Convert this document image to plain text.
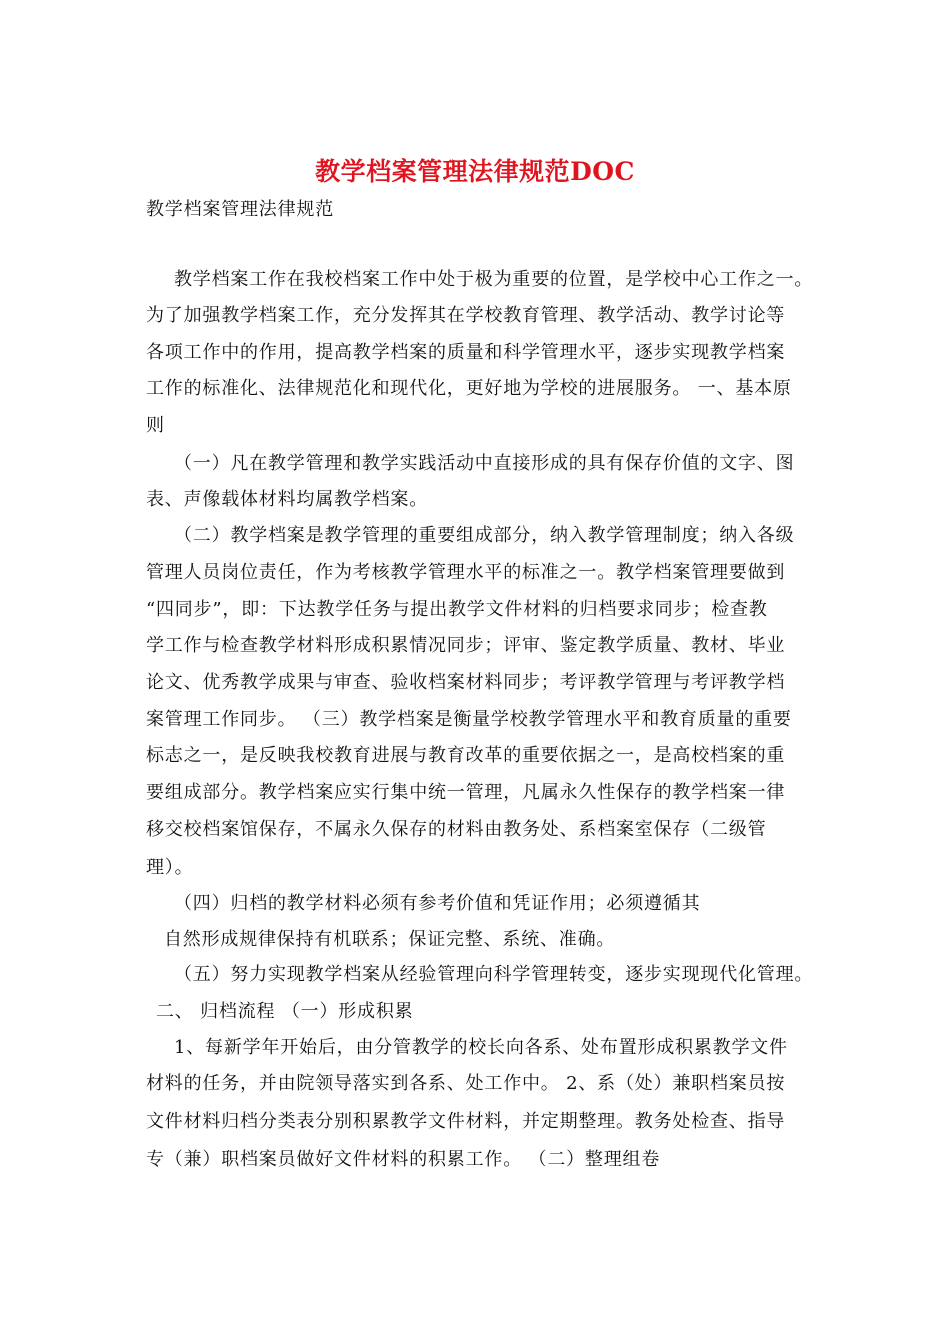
教学档案管理法律规范DOC
教学档案管理法律规范
教学档案工作在我校档案工作中处于极为重要的位置，是学校中心工作之一。
为了加强教学档案工作，充分发挥其在学校教育管理、教学活动、教学讨论等
各项工作中的作用，提高教学档案的质量和科学管理水平，逐步实现教学档案
工作的标准化、法律规范化和现代化，更好地为学校的进展服务。 一、基本原
则
（一）凡在教学管理和教学实践活动中直接形成的具有保存价值的文字、图
表、声像载体材料均属教学档案。
（二）教学档案是教学管理的重要组成部分，纳入教学管理制度；纳入各级
管理人员岗位责任，作为考核教学管理水平的标准之一。教学档案管理要做到
“四同步”，即：下达教学任务与提出教学文件材料的归档要求同步；检查教
学工作与检查教学材料形成积累情况同步；评审、鉴定教学质量、教材、毕业
论文、优秀教学成果与审查、验收档案材料同步；考评教学管理与考评教学档
案管理工作同步。 （三）教学档案是衡量学校教学管理水平和教育质量的重要
标志之一，是反映我校教育进展与教育改革的重要依据之一，是高校档案的重
要组成部分。教学档案应实行集中统一管理，凡属永久性保存的教学档案一律
移交校档案馆保存，不属永久保存的材料由教务处、系档案室保存（二级管
理）。
（四）归档的教学材料必须有参考价值和凭证作用；必须遵循其
自然形成规律保持有机联系；保证完整、系统、准确。
（五）努力实现教学档案从经验管理向科学管理转变，逐步实现现代化管理。
二、 归档流程 （一）形成积累
1、每新学年开始后，由分管教学的校长向各系、处布置形成积累教学文件
材料的任务，并由院领导落实到各系、处工作中。 2、系（处）兼职档案员按
文件材料归档分类表分别积累教学文件材料，并定期整理。教务处检查、指导
专（兼）职档案员做好文件材料的积累工作。 （二）整理组卷
